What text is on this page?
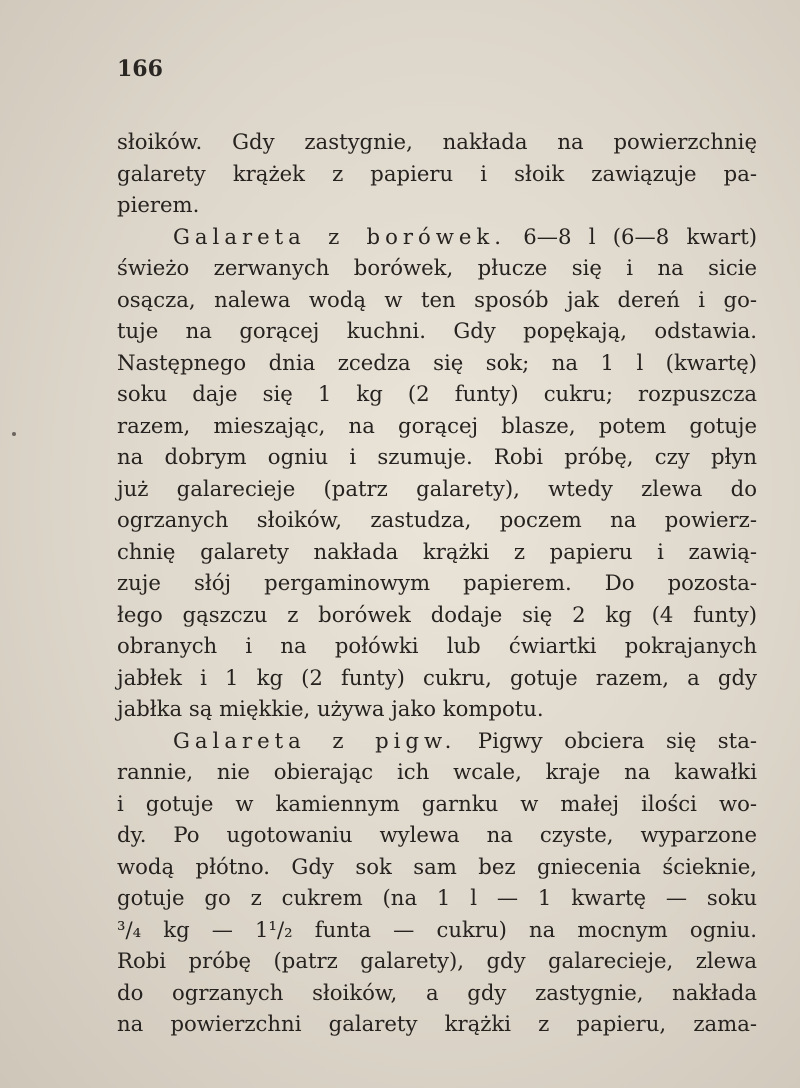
166
słoików. Gdy zastygnie, nakłada na powierzchnię
galarety krążek z papieru i słoik zawiązuje pa-
pierem.
Galareta z borówek. 6—8 l (6—8 kwart)
świeżo zerwanych borówek, płucze się i na sicie
osącza, nalewa wodą w ten sposób jak dereń i go-
tuje na gorącej kuchni. Gdy popękają, odstawia.
Następnego dnia zcedza się sok; na 1 l (kwartę)
soku daje się 1 kg (2 funty) cukru; rozpuszcza
razem, mieszając, na gorącej blasze, potem gotuje
na dobrym ogniu i szumuje. Robi próbę, czy płyn
już galarecieje (patrz galarety), wtedy zlewa do
ogrzanych słoików, zastudza, poczem na powierz-
chnię galarety nakłada krążki z papieru i zawią-
zuje słój pergaminowym papierem. Do pozosta-
łego gąszczu z borówek dodaje się 2 kg (4 funty)
obranych i na połówki lub ćwiartki pokrajanych
jabłek i 1 kg (2 funty) cukru, gotuje razem, a gdy
jabłka są miękkie, używa jako kompotu.
Galareta z pigw. Pigwy obciera się sta-
rannie, nie obierając ich wcale, kraje na kawałki
i gotuje w kamiennym garnku w małej ilości wo-
dy. Po ugotowaniu wylewa na czyste, wyparzone
wodą płótno. Gdy sok sam bez gniecenia ścieknie,
gotuje go z cukrem (na 1 l — 1 kwartę — soku
³/₄ kg — 1¹/₂ funta — cukru) na mocnym ogniu.
Robi próbę (patrz galarety), gdy galarecieje, zlewa
do ogrzanych słoików, a gdy zastygnie, nakłada
na powierzchni galarety krążki z papieru, zama-
